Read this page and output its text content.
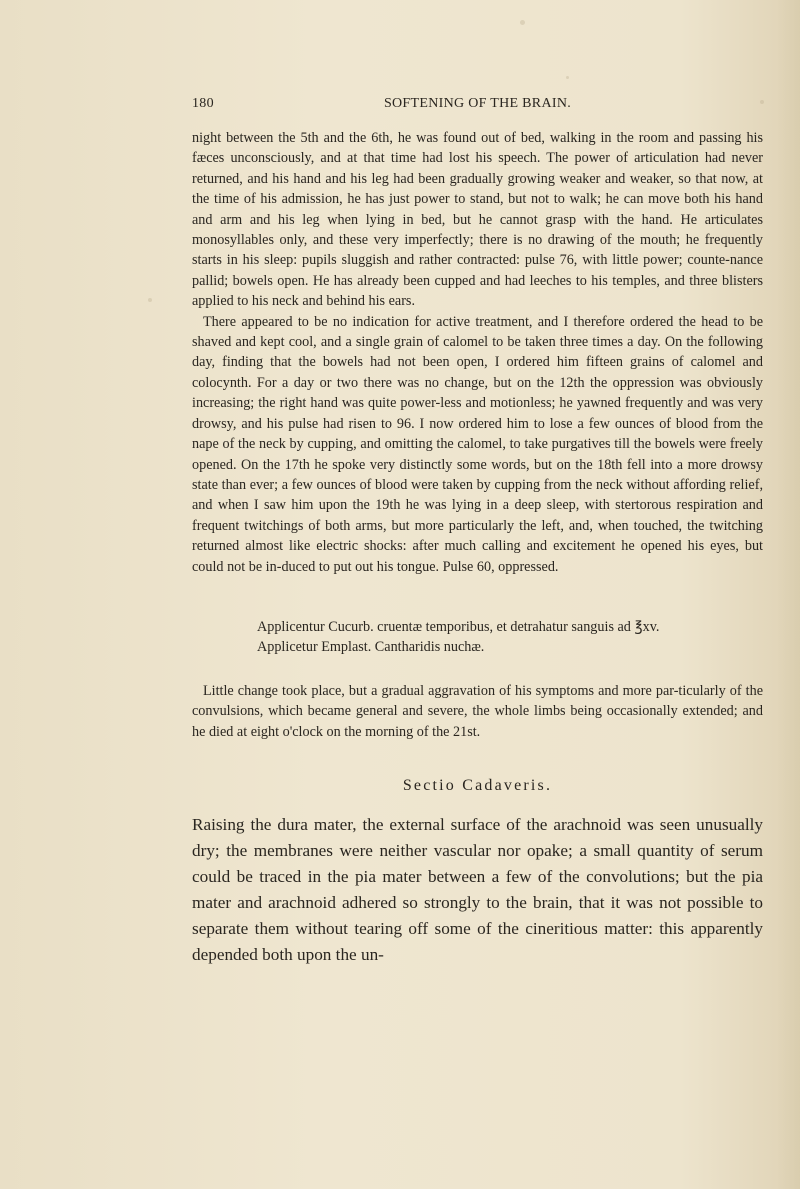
180	SOFTENING OF THE BRAIN.

night between the 5th and the 6th, he was found out of bed, walking in the room and passing his fæces unconsciously, and at that time had lost his speech. The power of articulation had never returned, and his hand and his leg had been gradually growing weaker and weaker, so that now, at the time of his admission, he has just power to stand, but not to walk; he can move both his hand and arm and his leg when lying in bed, but he cannot grasp with the hand. He articulates monosyllables only, and these very imperfectly; there is no drawing of the mouth; he frequently starts in his sleep: pupils sluggish and rather contracted: pulse 76, with little power; counte-nance pallid; bowels open. He has already been cupped and had leeches to his temples, and three blisters applied to his neck and behind his ears.

There appeared to be no indication for active treatment, and I therefore ordered the head to be shaved and kept cool, and a single grain of calomel to be taken three times a day. On the following day, finding that the bowels had not been open, I ordered him fifteen grains of calomel and colocynth. For a day or two there was no change, but on the 12th the oppression was obviously increasing; the right hand was quite power-less and motionless; he yawned frequently and was very drowsy, and his pulse had risen to 96. I now ordered him to lose a few ounces of blood from the nape of the neck by cupping, and omitting the calomel, to take purgatives till the bowels were freely opened. On the 17th he spoke very distinctly some words, but on the 18th fell into a more drowsy state than ever; a few ounces of blood were taken by cupping from the neck without affording relief, and when I saw him upon the 19th he was lying in a deep sleep, with stertorous respiration and frequent twitchings of both arms, but more particularly the left, and, when touched, the twitching returned almost like electric shocks: after much calling and excitement he opened his eyes, but could not be in-duced to put out his tongue. Pulse 60, oppressed.

Applicentur Cucurb. cruentæ temporibus, et detrahatur sanguis ad ℥xv.
Applicetur Emplast. Cantharidis nuchæ.

Little change took place, but a gradual aggravation of his symptoms and more par-ticularly of the convulsions, which became general and severe, the whole limbs being occasionally extended; and he died at eight o'clock on the morning of the 21st.

Sectio Cadaveris.

Raising the dura mater, the external surface of the arachnoid was seen unusually dry; the membranes were neither vascular nor opake; a small quantity of serum could be traced in the pia mater between a few of the convolutions; but the pia mater and arachnoid adhered so strongly to the brain, that it was not possible to separate them without tearing off some of the cineritious matter: this apparently depended both upon the un-
